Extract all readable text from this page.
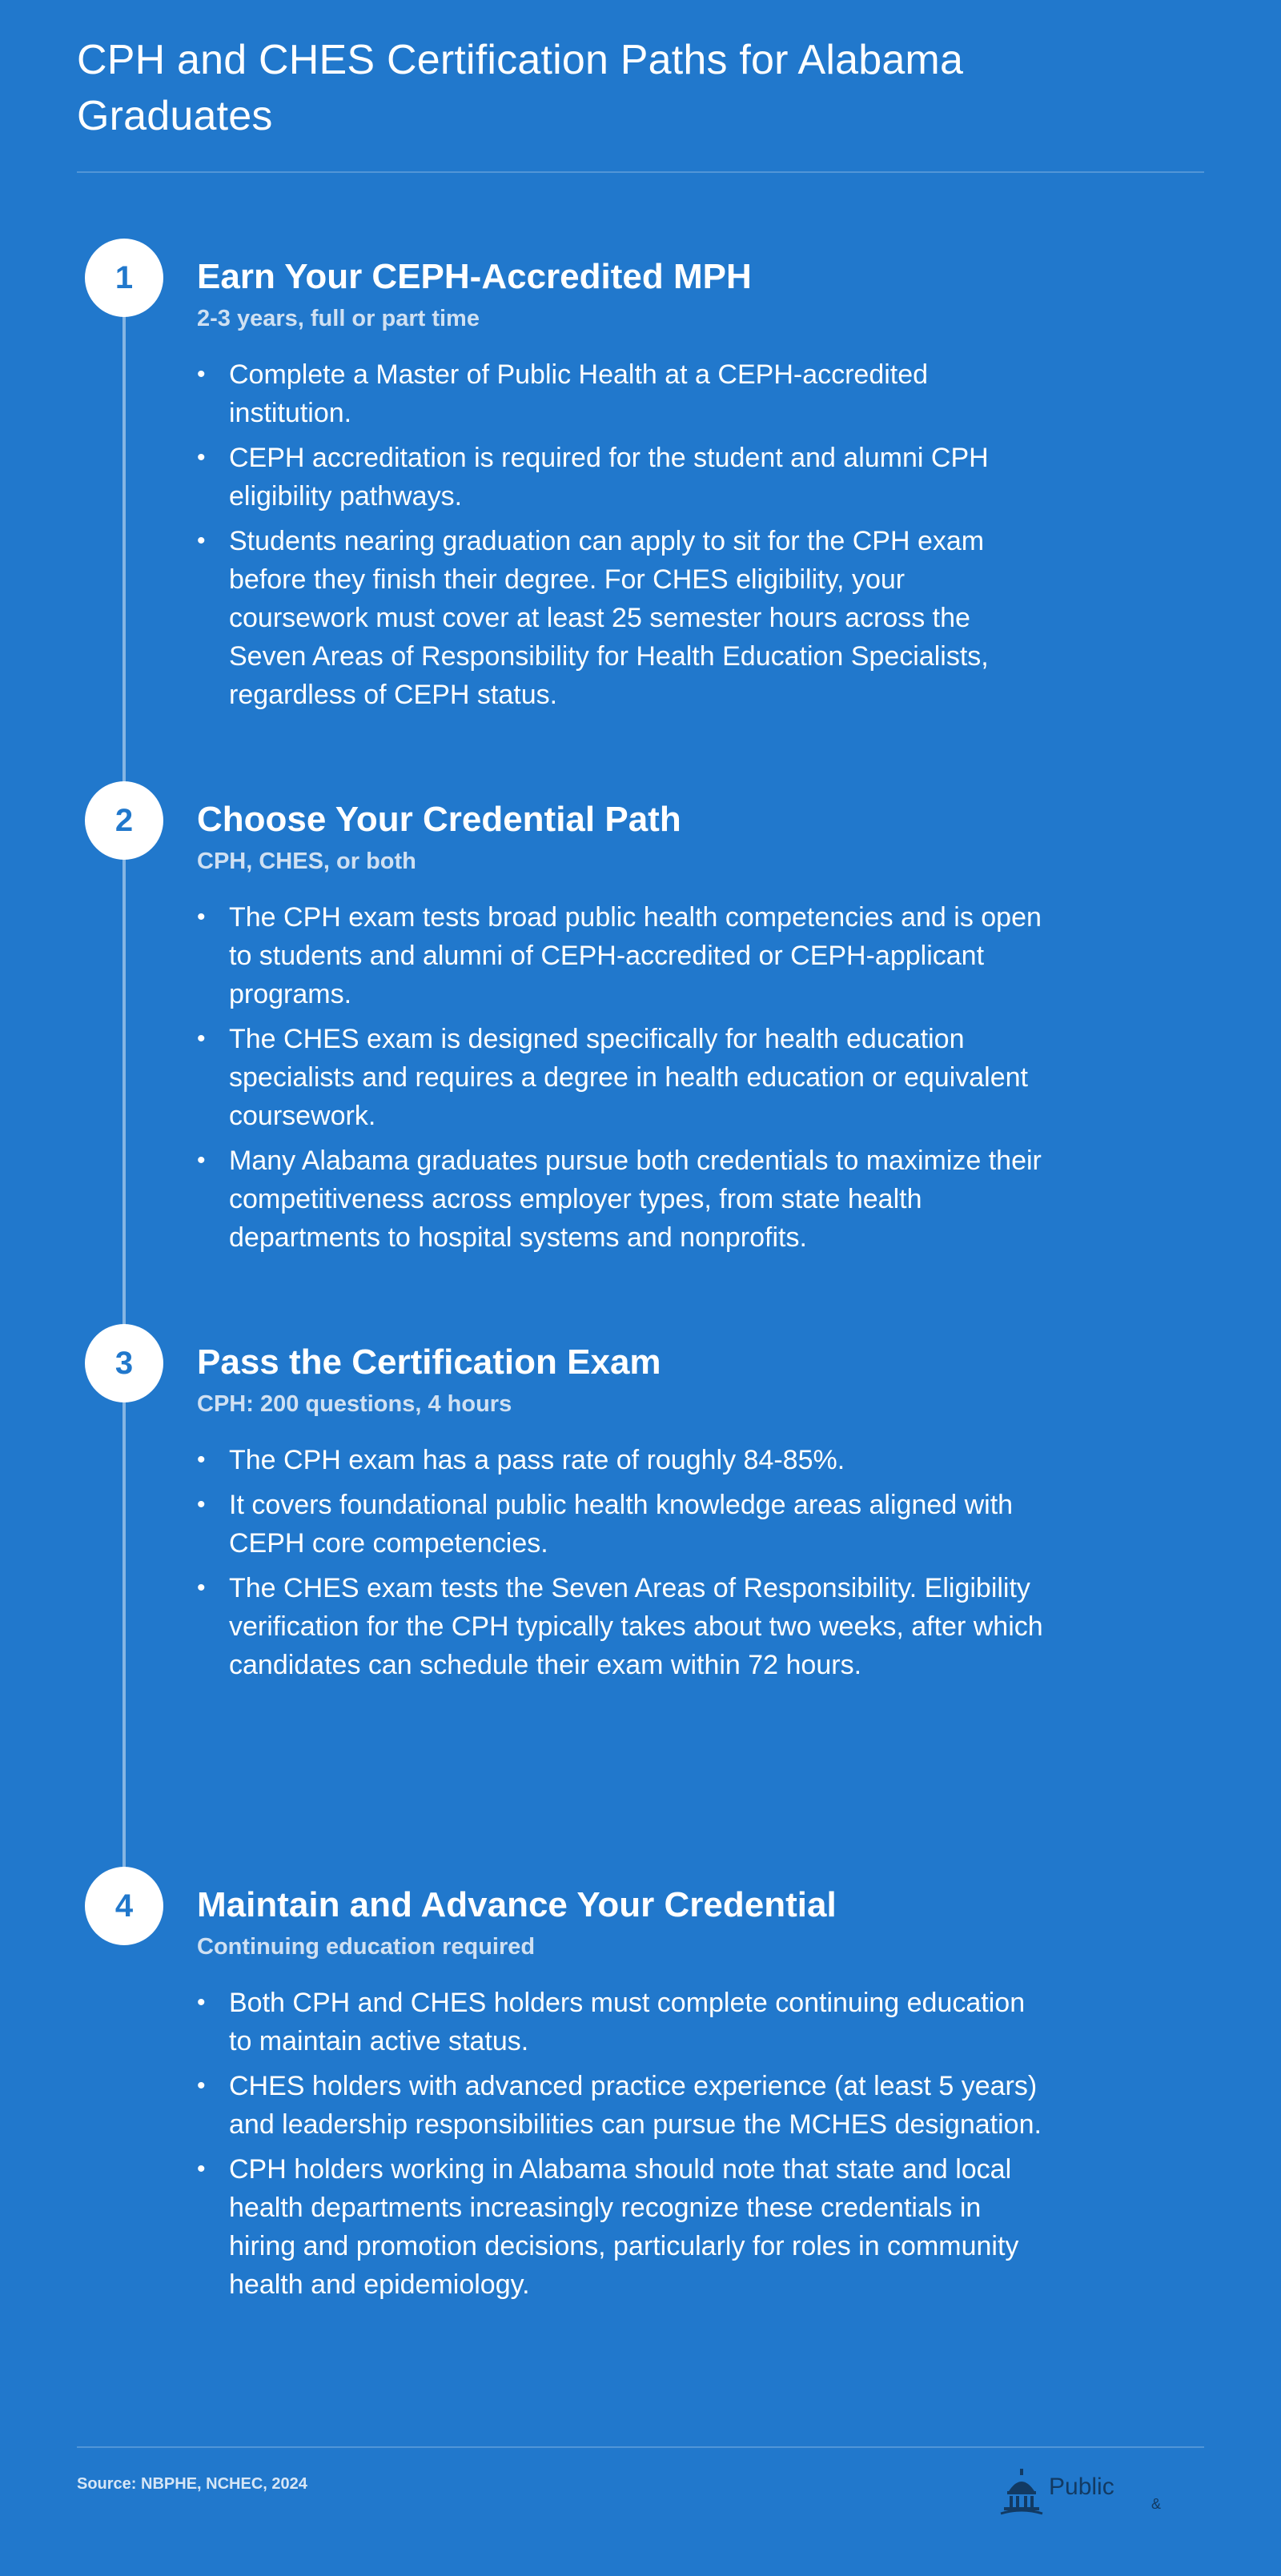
CPH and CHES Certification Paths for Alabama Graduates
1	Earn Your CEPH-Accredited MPH
2-3 years, full or part time
• Complete a Master of Public Health at a CEPH-accredited institution.
• CEPH accreditation is required for the student and alumni CPH eligibility pathways.
• Students nearing graduation can apply to sit for the CPH exam before they finish their degree. For CHES eligibility, your coursework must cover at least 25 semester hours across the Seven Areas of Responsibility for Health Education Specialists, regardless of CEPH status.
2	Choose Your Credential Path
CPH, CHES, or both
• The CPH exam tests broad public health competencies and is open to students and alumni of CEPH-accredited or CEPH-applicant programs.
• The CHES exam is designed specifically for health education specialists and requires a degree in health education or equivalent coursework.
• Many Alabama graduates pursue both credentials to maximize their competitiveness across employer types, from state health departments to hospital systems and nonprofits.
3	Pass the Certification Exam
CPH: 200 questions, 4 hours
• The CPH exam has a pass rate of roughly 84-85%.
• It covers foundational public health knowledge areas aligned with CEPH core competencies.
• The CHES exam tests the Seven Areas of Responsibility. Eligibility verification for the CPH typically takes about two weeks, after which candidates can schedule their exam within 72 hours.
4	Maintain and Advance Your Credential
Continuing education required
• Both CPH and CHES holders must complete continuing education to maintain active status.
• CHES holders with advanced practice experience (at least 5 years) and leadership responsibilities can pursue the MCHES designation.
• CPH holders working in Alabama should note that state and local health departments increasingly recognize these credentials in hiring and promotion decisions, particularly for roles in community health and epidemiology.
Source: NBPHE, NCHEC, 2024	Public
&
